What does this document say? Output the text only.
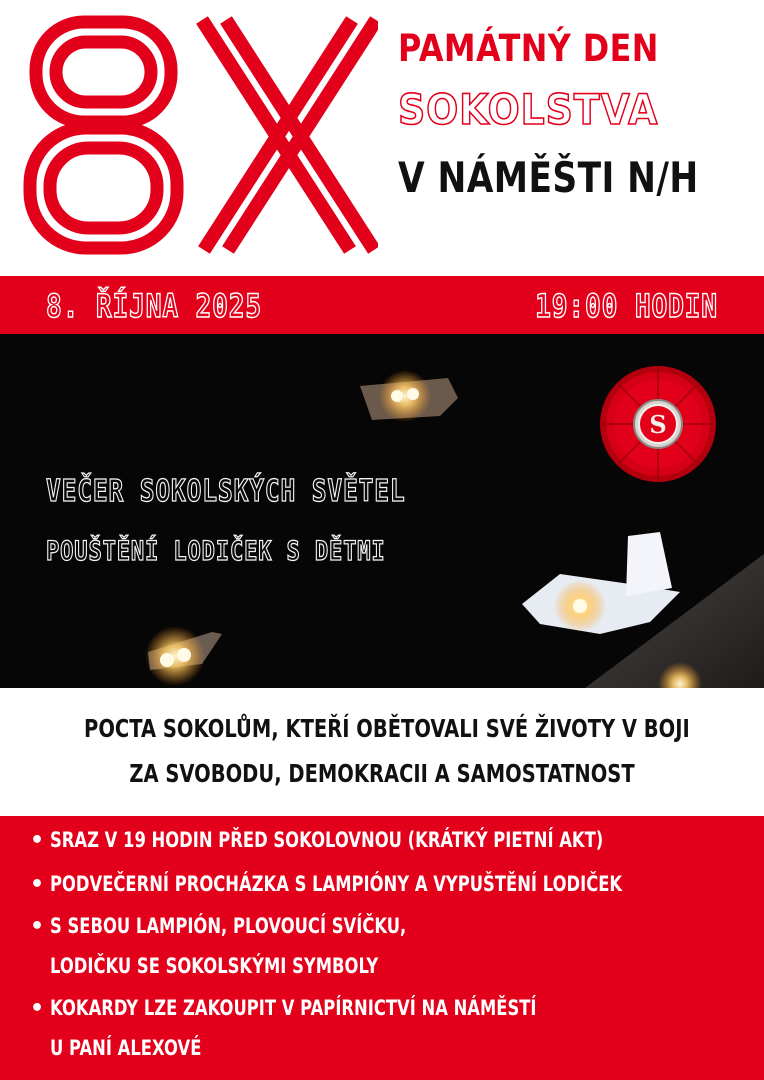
PAMÁTNÝ DEN
SOKOLSTVA
V NÁMĚŠTI N/H
8. ŘÍJNA 2025	19:00 HODIN
S
VEČER SOKOLSKÝCH SVĚTEL
POUŠTĚNÍ LODIČEK S DĚTMI
POCTA SOKOLŮM, KTEŘÍ OBĚTOVALI SVÉ ŽIVOTY V BOJI
ZA SVOBODU, DEMOKRACII A SAMOSTATNOST
• SRAZ V 19 HODIN PŘED SOKOLOVNOU (KRÁTKÝ PIETNÍ AKT)
• PODVEČERNÍ PROCHÁZKA S LAMPIÓNY A VYPUŠTĚNÍ LODIČEK
• S SEBOU LAMPIÓN, PLOVOUCÍ SVÍČKU,
LODIČKU SE SOKOLSKÝMI SYMBOLY
• KOKARDY LZE ZAKOUPIT V PAPÍRNICTVÍ NA NÁMĚSTÍ
U PANÍ ALEXOVÉ
